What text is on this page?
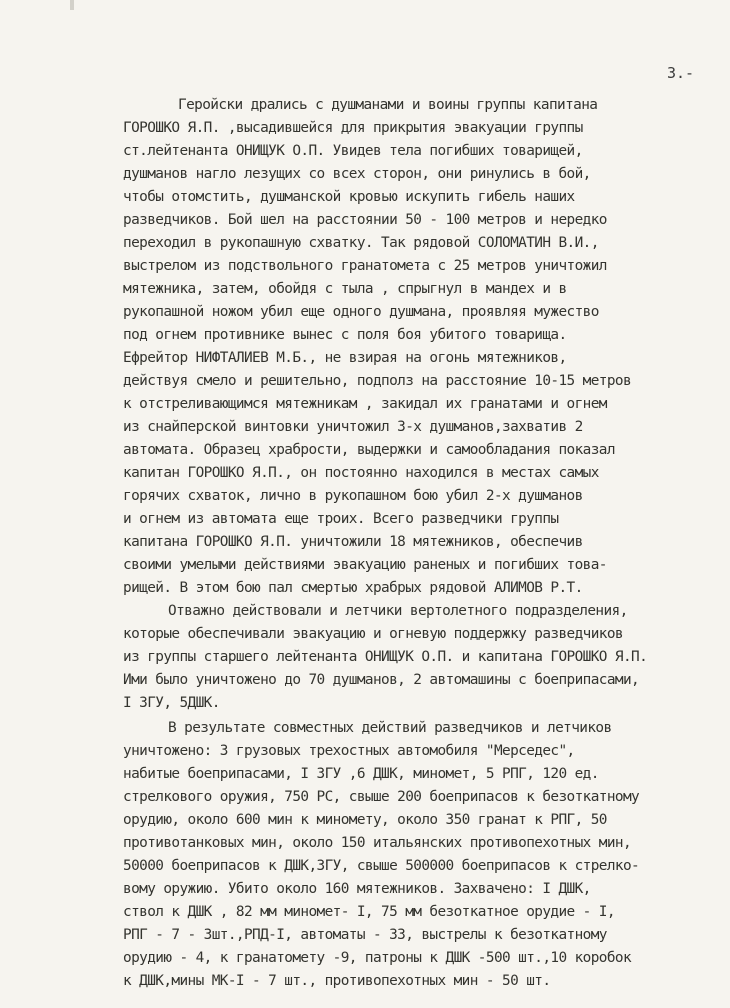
3.-
Геройски дрались с душманами и воины группы капитана
ГОРОШКО Я.П. ,высадившейся для прикрытия эвакуации группы
ст.лейтенанта ОНИЩУК О.П. Увидев тела погибших товарищей,
душманов нагло лезущих со всех сторон, они ринулись в бой,
чтобы отомстить, душманской кровью искупить гибель наших
разведчиков. Бой шел на расстоянии 50 - 100 метров и нередко
переходил в рукопашную схватку. Так рядовой СОЛОМАТИН В.И.,
выстрелом из подствольного гранатомета с 25 метров уничтожил
мятежника, затем, обойдя с тыла , спрыгнул в мандех и в
рукопашной ножом убил еще одного душмана, проявляя мужество
под огнем противнике вынес с поля боя убитого товарища.
Ефрейтор НИФТАЛИЕВ М.Б., не взирая на огонь мятежников,
действуя смело и решительно, подполз на расстояние 10-15 метров
к отстреливающимся мятежникам , закидал их гранатами и огнем
из снайперской винтовки уничтожил 3-х душманов,захватив 2
автомата. Образец храбрости, выдержки и самообладания показал
капитан ГОРОШКО Я.П., он постоянно находился в местах самых
горячих схваток, лично в рукопашном бою убил 2-х душманов
и огнем из автомата еще троих. Всего разведчики группы
капитана ГОРОШКО Я.П. уничтожили 18 мятежников, обеспечив
своими умелыми действиями эвакуацию раненых и погибших това-
рищей. В этом бою пал смертью храбрых рядовой АЛИМОВ Р.Т.
Отважно действовали и летчики вертолетного подразделения,
которые обеспечивали эвакуацию и огневую поддержку разведчиков
из группы старшего лейтенанта ОНИЩУК О.П. и капитана ГОРОШКО Я.П.
Ими было уничтожено до 70 душманов, 2 автомашины с боеприпасами,
I ЗГУ, 5ДШК.
В результате совместных действий разведчиков и летчиков
уничтожено: 3 грузовых трехостных автомобиля "Мерседес",
набитые боеприпасами, I ЗГУ ,6 ДШК, миномет, 5 РПГ, 120 ед.
стрелкового оружия, 750 РС, свыше 200 боеприпасов к безоткатному
орудию, около 600 мин к миномету, около 350 гранат к РПГ, 50
противотанковых мин, около 150 итальянских противопехотных мин,
50000 боеприпасов к ДШК,ЗГУ, свыше 500000 боеприпасов к стрелко-
вому оружию. Убито около 160 мятежников. Захвачено: I ДШК,
ствол к ДШК , 82 мм миномет- I, 75 мм безоткатное орудие - I,
РПГ - 7 - 3шт.,РПД-I, автоматы - 33, выстрелы к безоткатному
орудию - 4, к гранатомету -9, патроны к ДШК -500 шт.,10 коробок
к ДШК,мины МК-I - 7 шт., противопехотных мин - 50 шт.
